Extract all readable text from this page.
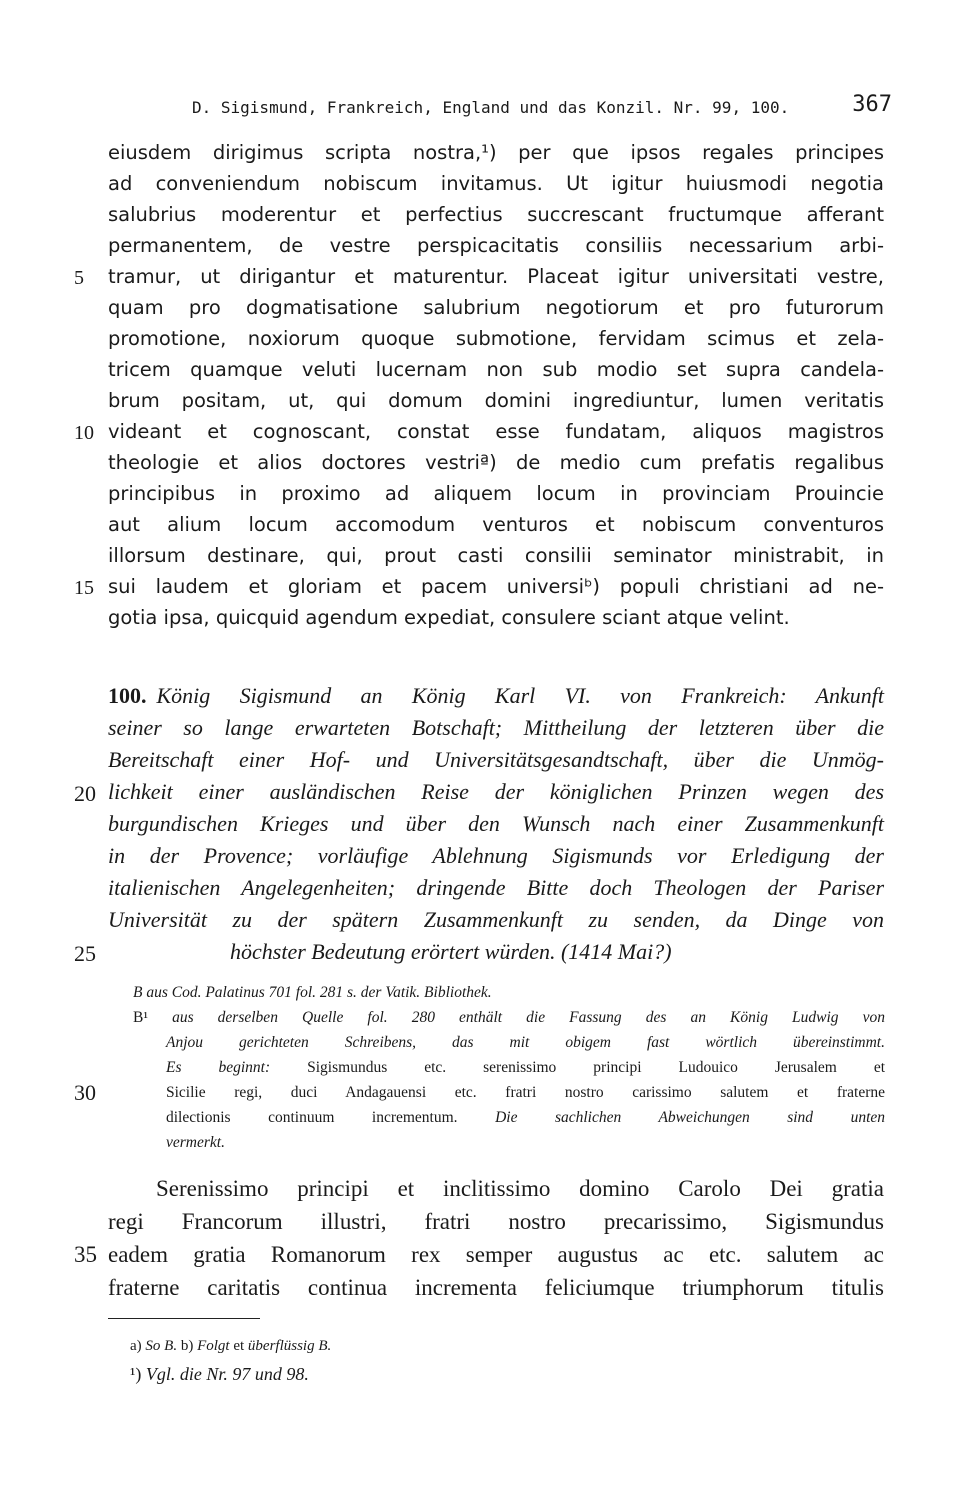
D. Sigismund, Frankreich, England und das Konzil. Nr. 99, 100.	367
eiusdem dirigimus scripta nostra,¹) per que ipsos regales principes
ad conveniendum nobiscum invitamus. Ut igitur huiusmodi negotia
salubrius moderentur et perfectius succrescant fructumque afferant
permanentem, de vestre perspicacitatis consiliis necessarium arbi-
tramur, ut dirigantur et maturentur. Placeat igitur universitati vestre,
quam pro dogmatisatione salubrium negotiorum et pro futurorum
promotione, noxiorum quoque submotione, fervidam scimus et zela-
tricem quamque veluti lucernam non sub modio set supra candela-
brum positam, ut, qui domum domini ingrediuntur, lumen veritatis
videant et cognoscant, constat esse fundatam, aliquos magistros
theologie et alios doctores vestriª) de medio cum prefatis regalibus
principibus in proximo ad aliquem locum in provinciam Prouincie
aut alium locum accomodum venturos et nobiscum conventuros
illorsum destinare, qui, prout casti consilii seminator ministrabit, in
sui laudem et gloriam et pacem universiᵇ) populi christiani ad ne-
gotia ipsa, quicquid agendum expediat, consulere sciant atque velint.
5
10
15
100. König Sigismund an König Karl VI. von Frankreich: Ankunft
seiner so lange erwarteten Botschaft; Mittheilung der letzteren über die
Bereitschaft einer Hof- und Universitätsgesandtschaft, über die Unmög-
lichkeit einer ausländischen Reise der königlichen Prinzen wegen des
burgundischen Krieges und über den Wunsch nach einer Zusammenkunft
in der Provence; vorläufige Ablehnung Sigismunds vor Erledigung der
italienischen Angelegenheiten; dringende Bitte doch Theologen der Pariser
Universität zu der spätern Zusammenkunft zu senden, da Dinge von
höchster Bedeutung erörtert würden. (1414 Mai?)
20
25
B aus Cod. Palatinus 701 fol. 281 s. der Vatik. Bibliothek.
B¹ aus derselben Quelle fol. 280 enthält die Fassung des an König Ludwig von
Anjou gerichteten Schreibens, das mit obigem fast wörtlich übereinstimmt.
Es beginnt: Sigismundus etc. serenissimo principi Ludouico Jerusalem et
Sicilie regi, duci Andagauensi etc. fratri nostro carissimo salutem et fraterne
dilectionis continuum incrementum. Die sachlichen Abweichungen sind unten
vermerkt.
30
Serenissimo principi et inclitissimo domino Carolo Dei gratia
regi Francorum illustri, fratri nostro precarissimo, Sigismundus
eadem gratia Romanorum rex semper augustus ac etc. salutem ac
fraterne caritatis continua incrementa feliciumque triumphorum titulis
35
a) So B. b) Folgt et überflüssig B.
¹) Vgl. die Nr. 97 und 98.
